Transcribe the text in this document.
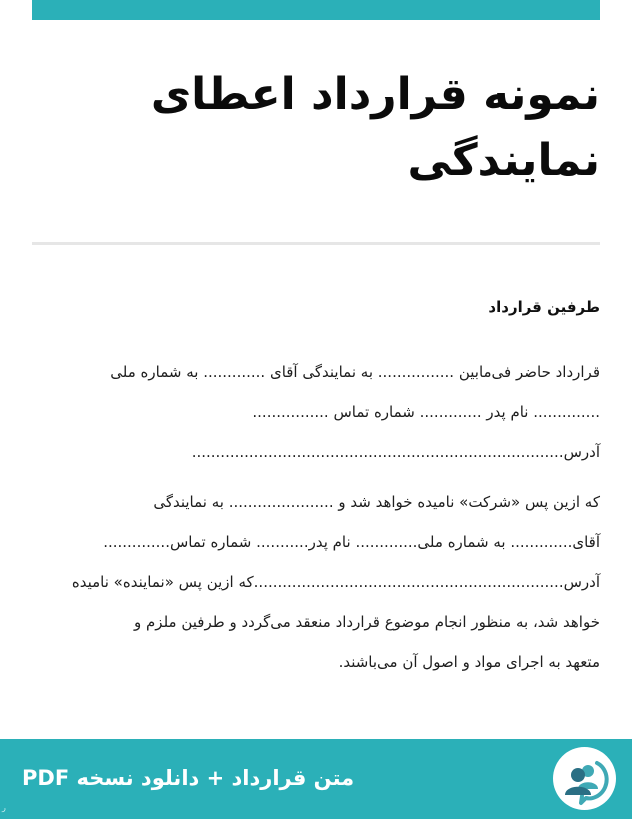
نمونه قرارداد اعطای نمایندگی
طرفین قرارداد

قرارداد حاضر فی‌مابین ................ به نمایندگی آقای ............. به شماره ملی
.............. نام پدر ............. شماره تماس .........‌.......
آدرس..............................................................................

که ازین پس «شرکت» نامیده خواهد شد و ...................... به نمایندگی
آقای............. به شماره ملی............. نام پدر........... شماره تماس.......‌.‌......
آدرس..........‌................................‌.....‌.......‌.‌..........که ازین پس «نماینده» نامیده
خواهد شد، به منظور انجام موضوع قرارداد منعقد می‌گردد و طرفین ملزم و
متعهد به اجرای مواد و اصول آن می‌باشند.

متن قرارداد + دانلود نسخه PDF
ر
